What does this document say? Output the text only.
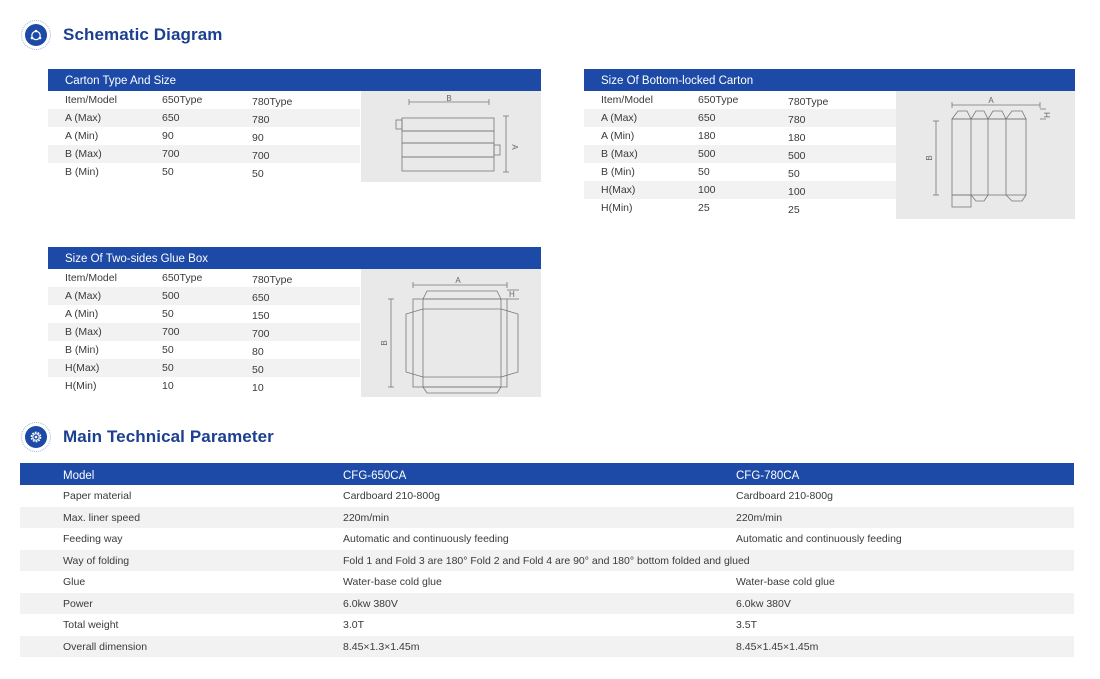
Schematic Diagram
Carton Type And Size
Item/Model	650Type	780Type
A (Max)	650	780
A (Min)	90	90
B (Max)	700	700
B (Min)	50	50
B
A
Size Of Bottom-locked Carton
Item/Model	650Type	780Type
A (Max)	650	780
A (Min)	180	180
B (Max)	500	500
B (Min)	50	50
H(Max)	100	100
H(Min)	25	25
A
B
H
Size Of Two-sides Glue Box
Item/Model	650Type	780Type
A (Max)	500	650
A (Min)	50	150
B (Max)	700	700
B (Min)	50	80
H(Max)	50	50
H(Min)	10	10
A
B
H
Main Technical Parameter
Model	CFG-650CA	CFG-780CA
Paper material	Cardboard 210-800g	Cardboard 210-800g
Max. liner speed	220m/min	220m/min
Feeding way	Automatic and continuously feeding	Automatic and continuously feeding
Way of folding	Fold 1 and Fold 3 are 180° Fold 2 and Fold 4 are 90° and 180° bottom folded and glued
Glue	Water-base cold glue	Water-base cold glue
Power	6.0kw 380V	6.0kw 380V
Total weight	3.0T	3.5T
Overall dimension	8.45×1.3×1.45m	8.45×1.45×1.45m
